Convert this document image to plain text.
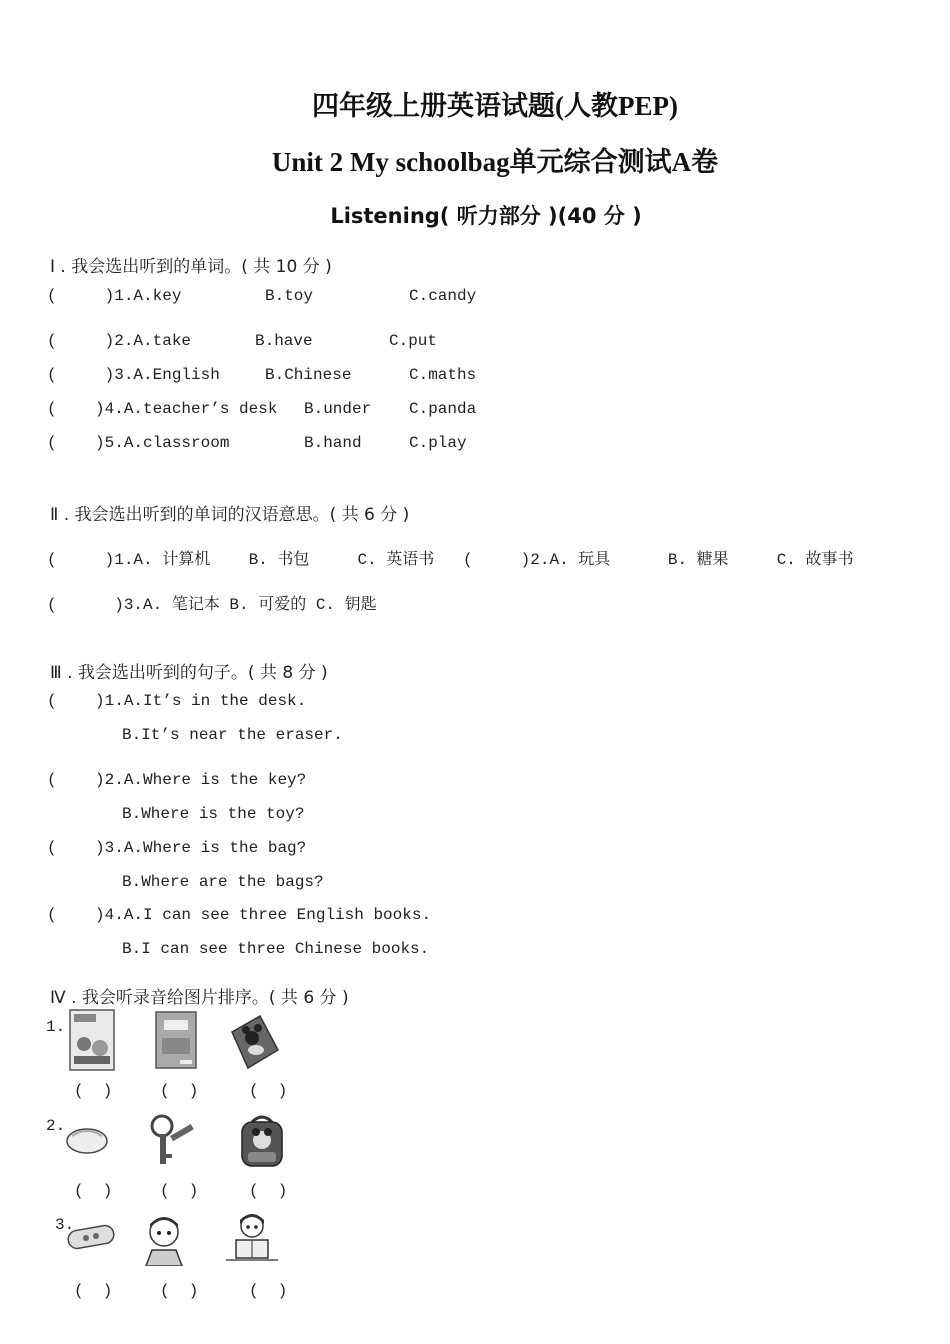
四年级上册英语试题(人教PEP)
Unit 2 My schoolbag单元综合测试A卷
Listening( 听力部分 )(40 分 )
Ⅰ . 我会选出听到的单词。( 共 10 分 )
(     )1.A.key	B.toy	C.candy
(     )2.A.take	B.have	C.put
(     )3.A.English	B.Chinese	C.maths
(    )4.A.teacher’s desk B.under C.panda
(    )5.A.classroom	B.hand	C.play
Ⅱ . 我会选出听到的单词的汉语意思。( 共 6 分 )
(     )1.A. 计算机    B. 书包     C. 英语书   (     )2.A. 玩具      B. 糖果     C. 故事书
(      )3.A. 笔记本 B. 可爱的 C. 钥匙
Ⅲ . 我会选出听到的句子。( 共 8 分 )
(    )1.A.It’s in the desk.
B.It’s near the eraser.
(    )2.A.Where is the key?
B.Where is the toy?
(    )3.A.Where is the bag?
B.Where are the bags?
(    )4.A.I can see three English books.
B.I can see three Chinese books.
Ⅳ . 我会听录音给图片排序。( 共 6 分 )
1.
(  )	(  )	(  )
2.
(  )	(  )	(  )
3.
(  )	(  )	(  )
